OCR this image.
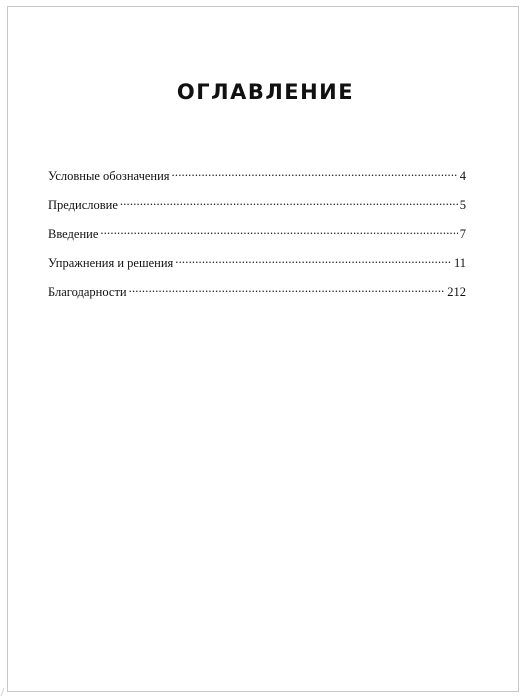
ОГЛАВЛЕНИЕ
Условные обозначения .....	4
Предисловие .....	5
Введение .....	7
Упражнения и решения .....	11
Благодарности .....	212
